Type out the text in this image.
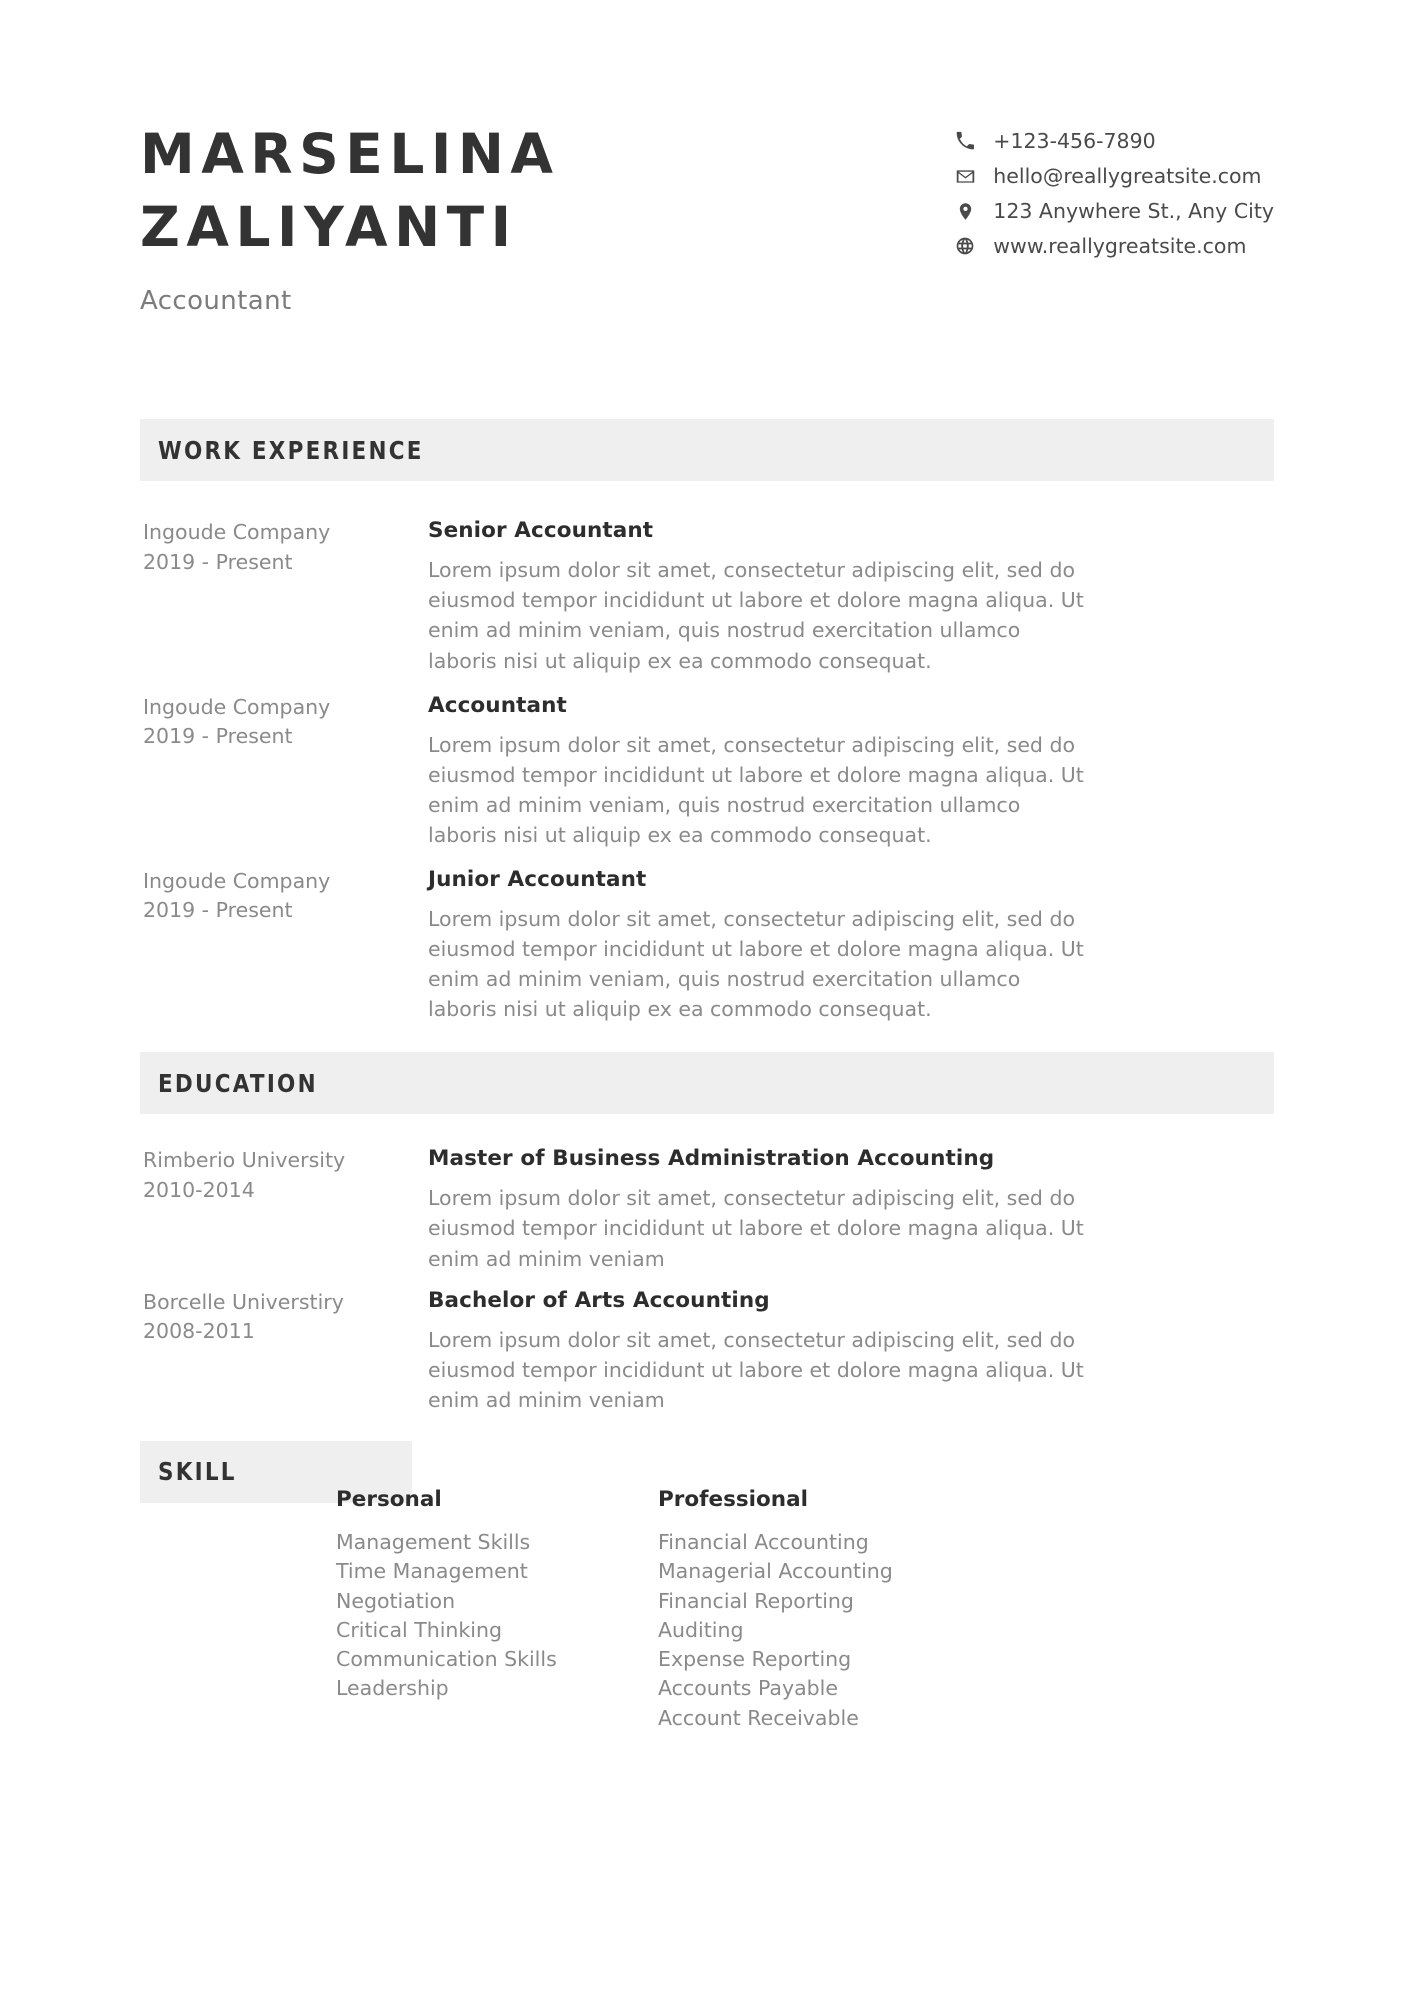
MARSELINA
ZALIYANTI
Accountant
+123-456-7890
hello@reallygreatsite.com
123 Anywhere St., Any City
www.reallygreatsite.com
WORK EXPERIENCE
Ingoude Company
2019 - Present
Senior Accountant
Lorem ipsum dolor sit amet, consectetur adipiscing elit, sed do eiusmod tempor incididunt ut labore et dolore magna aliqua. Ut enim ad minim veniam, quis nostrud exercitation ullamco laboris nisi ut aliquip ex ea commodo consequat.
Ingoude Company
2019 - Present
Accountant
Lorem ipsum dolor sit amet, consectetur adipiscing elit, sed do eiusmod tempor incididunt ut labore et dolore magna aliqua. Ut enim ad minim veniam, quis nostrud exercitation ullamco laboris nisi ut aliquip ex ea commodo consequat.
Ingoude Company
2019 - Present
Junior Accountant
Lorem ipsum dolor sit amet, consectetur adipiscing elit, sed do eiusmod tempor incididunt ut labore et dolore magna aliqua. Ut enim ad minim veniam, quis nostrud exercitation ullamco laboris nisi ut aliquip ex ea commodo consequat.
EDUCATION
Rimberio University
2010-2014
Master of Business Administration Accounting
Lorem ipsum dolor sit amet, consectetur adipiscing elit, sed do eiusmod tempor incididunt ut labore et dolore magna aliqua. Ut enim ad minim veniam
Borcelle Universtiry
2008-2011
Bachelor of Arts Accounting
Lorem ipsum dolor sit amet, consectetur adipiscing elit, sed do eiusmod tempor incididunt ut labore et dolore magna aliqua. Ut enim ad minim veniam
SKILL
Personal
Management Skills
Time Management
Negotiation
Critical Thinking
Communication Skills
Leadership
Professional
Financial Accounting
Managerial Accounting
Financial Reporting
Auditing
Expense Reporting
Accounts Payable
Account Receivable
